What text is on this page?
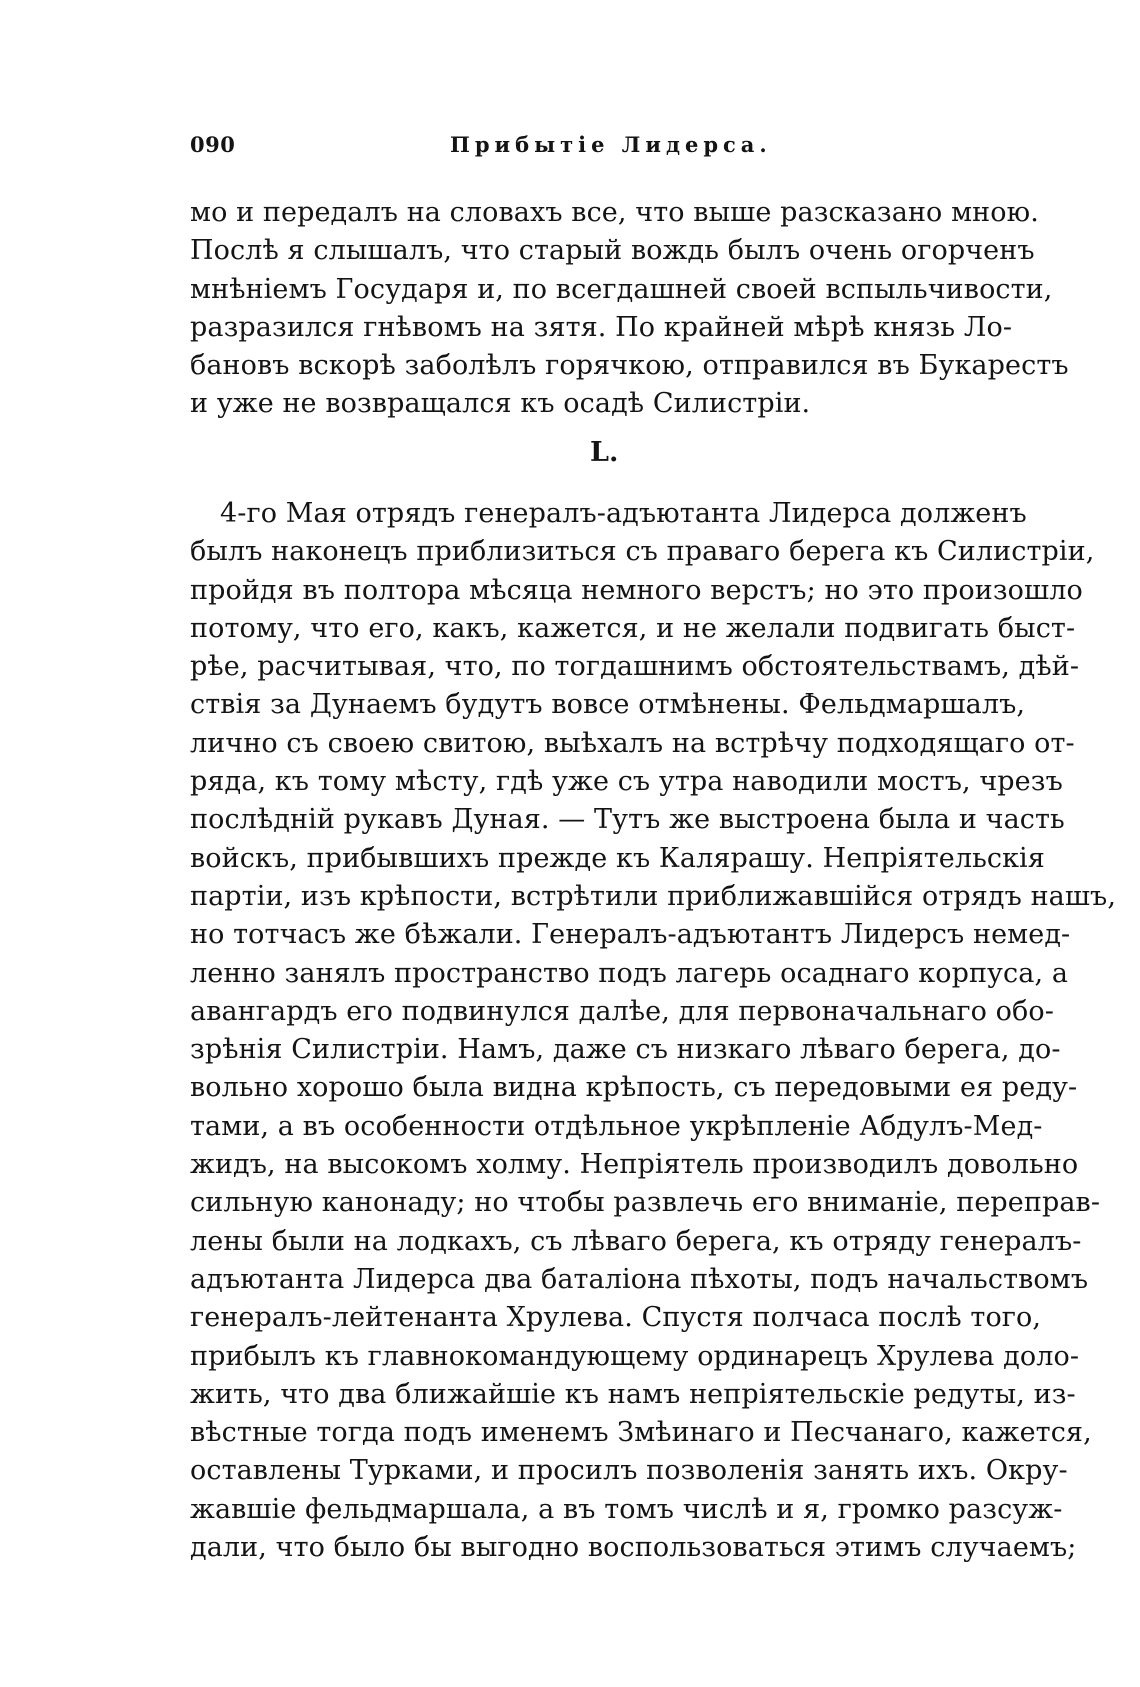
090	Прибытіе Лидерса.
мо и передалъ на словахъ все, что выше разсказано мною.
Послѣ я слышалъ, что старый вождь былъ очень огорченъ
мнѣніемъ Государя и, по всегдашней своей вспыльчивости,
разразился гнѣвомъ на зятя. По крайней мѣрѣ князь Ло-
бановъ вскорѣ заболѣлъ горячкою, отправился въ Букарестъ
и уже не возвращался къ осадѣ Силистріи.
L.
4-го Мая отрядъ генералъ-адъютанта Лидерса долженъ
былъ наконецъ приблизиться съ праваго берега къ Силистріи,
пройдя въ полтора мѣсяца немного верстъ; но это произошло
потому, что его, какъ, кажется, и не желали подвигать быст-
рѣе, расчитывая, что, по тогдашнимъ обстоятельствамъ, дѣй-
ствія за Дунаемъ будутъ вовсе отмѣнены. Фельдмаршалъ,
лично съ своею свитою, выѣхалъ на встрѣчу подходящаго от-
ряда, къ тому мѣсту, гдѣ уже съ утра наводили мостъ, чрезъ
послѣдній рукавъ Дуная. — Тутъ же выстроена была и часть
войскъ, прибывшихъ прежде къ Калярашу. Непріятельскія
партіи, изъ крѣпости, встрѣтили приближавшійся отрядъ нашъ,
но тотчасъ же бѣжали. Генералъ-адъютантъ Лидерсъ немед-
ленно занялъ пространство подъ лагерь осаднаго корпуса, а
авангардъ его подвинулся далѣе, для первоначальнаго обо-
зрѣнія Силистріи. Намъ, даже съ низкаго лѣваго берега, до-
вольно хорошо была видна крѣпость, съ передовыми ея реду-
тами, а въ особенности отдѣльное укрѣпленіе Абдулъ-Мед-
жидъ, на высокомъ холму. Непріятель производилъ довольно
сильную канонаду; но чтобы развлечь его вниманіе, переправ-
лены были на лодкахъ, съ лѣваго берега, къ отряду генералъ-
адъютанта Лидерса два баталіона пѣхоты, подъ начальствомъ
генералъ-лейтенанта Хрулева. Спустя полчаса послѣ того,
прибылъ къ главнокомандующему ординарецъ Хрулева доло-
жить, что два ближайшіе къ намъ непріятельскіе редуты, из-
вѣстные тогда подъ именемъ Змѣинаго и Песчанаго, кажется,
оставлены Турками, и просилъ позволенія занять ихъ. Окру-
жавшіе фельдмаршала, а въ томъ числѣ и я, громко разсуж-
дали, что было бы выгодно воспользоваться этимъ случаемъ;
